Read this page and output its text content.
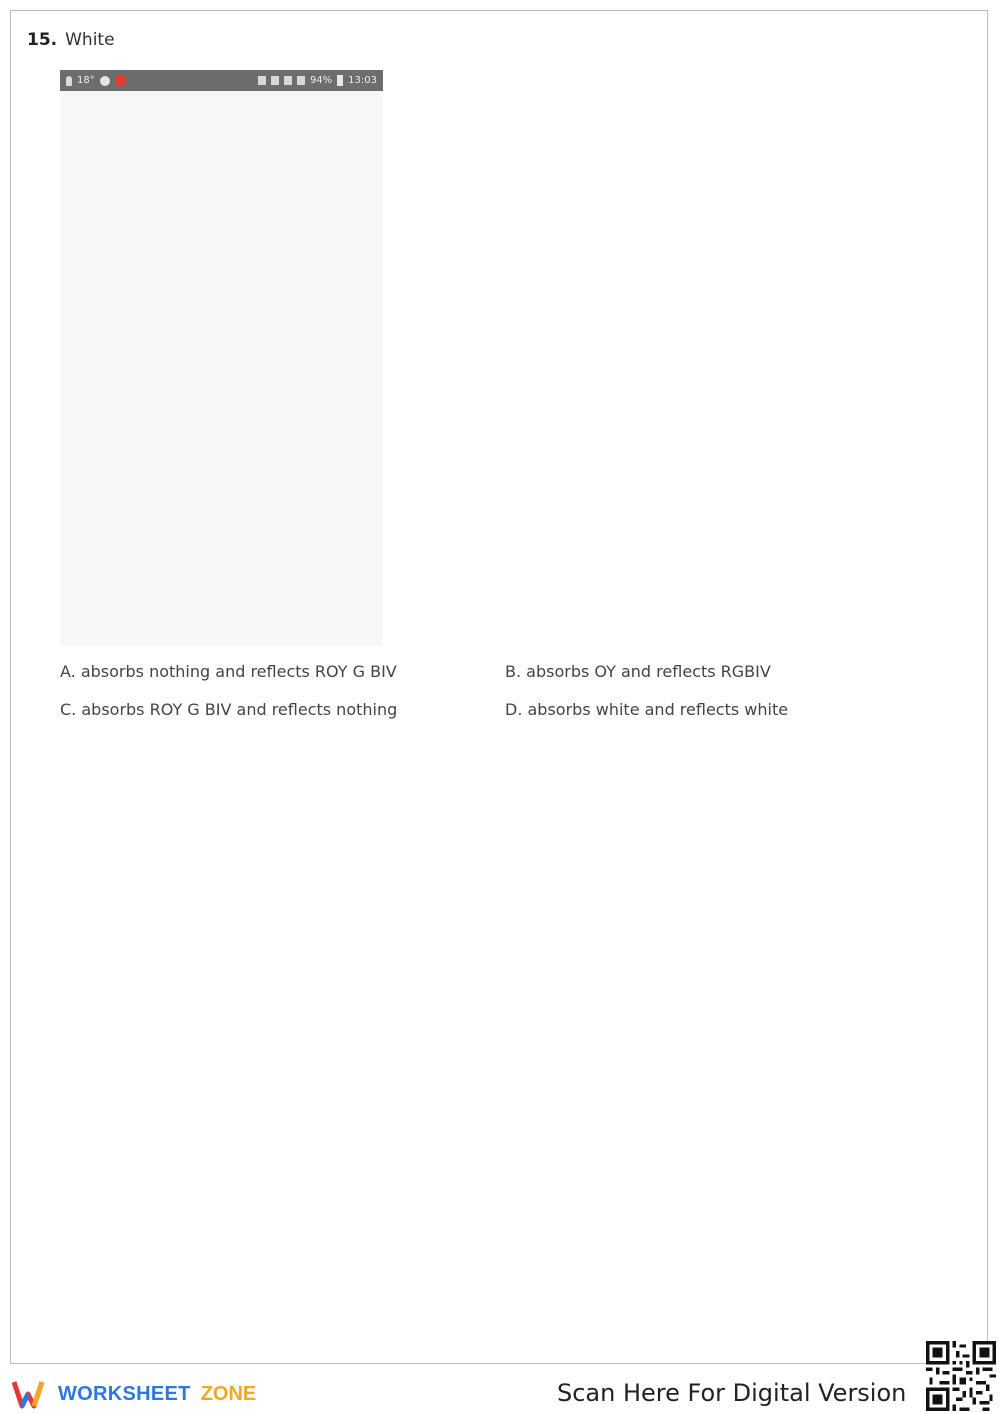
15. White
18°	94% 13:03
A. absorbs nothing and reflects ROY G BIV	B. absorbs OY and reflects RGBIV
C. absorbs ROY G BIV and reflects nothing	D. absorbs white and reflects white
WORKSHEET ZONE	Scan Here For Digital Version
